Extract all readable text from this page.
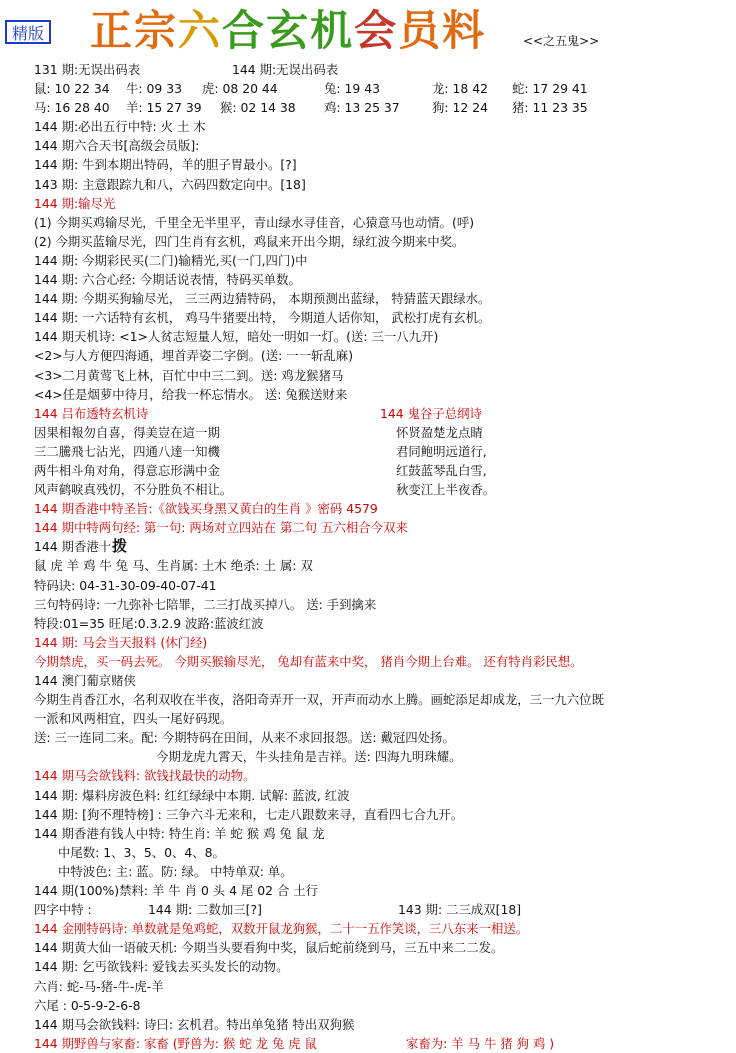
精版 正宗六合玄机会员料	<<之五鬼>>
131 期:无误出码表	144 期:无误出码表
鼠: 10 22 34 牛: 09 33 虎: 08 20 44	兔: 19 43	龙: 18 42 蛇: 17 29 41
马: 16 28 40 羊: 15 27 39 猴: 02 14 38 鸡: 13 25 37	狗: 12 24 猪: 11 23 35
144 期:必出五行中特: 火 土 木
144 期六合天书[高级会员版]:
144 期: 牛到本期出特码，羊的胆子胃最小。[?]
143 期: 主意跟踪九和八，六码四数定向中。[18]
144 期:输尽光
(1) 今期买鸡输尽光，千里全无半里平，青山绿水寻佳音，心猿意马也动情。(呼)
(2) 今期买蓝输尽光，四门生肖有玄机，鸡鼠来开出今期，绿红波今期来中奖。
144 期: 今期彩民买(二门)输精光,买(一门,四门)中
144 期: 六合心经: 今期话说表情，特码买单数。
144 期: 今期买狗输尽光， 三三两边猜特码， 本期预测出蓝绿， 特猜蓝天跟绿水。
144 期: 一六话特有玄机， 鸡马牛猪要出特， 今期道人话你知， 武松打虎有玄机。
144 期天机诗: <1>人贫志短量人短，暗处一明如一灯。(送: 三一八九开)
<2>与人方便四海通，埋首弄姿二字倒。(送: 一一斩乱麻)
<3>二月黄莺飞上林，百忙中中三二到。送: 鸡龙猴猪马
<4>任是烟萝中待月，给我一杯忘情水。 送: 兔猴送财来
144 吕布透特玄机诗	144 鬼谷子总纲诗
因果相報勿自喜，得美豈在這一期	怀贤盈楚龙点睛
三二騰飛七沾光，四通八達一知機	君同鲍明远道行,
两牛相斗角对角，得意忘形满中金	红鼓蓝琴乱白雪,
风声鹤唳真残忉，不分胜负不相让。	秋变江上半夜香。
144 期香港中特圣旨:《欲钱买身黑又黄白的生肖 》密码 4579
144 期中特两句经: 第一句: 两场对立四站在 第二句 五六相合今双来
144 期香港十 拨
鼠 虎 羊 鸡 牛 兔 马、生肖属: 土木 绝杀: 土 属: 双
特码诀: 04-31-30-09-40-07-41
三句特码诗: 一九弥补七陪罪，二三打战买掉八。 送: 手到擒来
特段:01=35 旺尾:0.3.2.9 波路:蓝波红波
144 期: 马会当天报料 (休门经)
今期禁虎，买一码去死。 今期买猴输尽光， 兔却有蓝来中奖， 猪肖今期上台难。 还有特肖彩民想。
144 澳门葡京赌侠
今期生肖香江水，名利双收在半夜，洛阳奇弄开一双，开声而动水上腾。画蛇添足却成龙，三一九六位既
一派和风两相宜，四头一尾好码现。
送: 三一连同二来。配: 今期特码在田间，从来不求回报怨。送: 戴冠四处扬。
今期龙虎九霄天，牛头挂角是吉祥。送: 四海九明珠耀。
144 期马会欲钱料: 欲钱找最快的动物。
144 期: 爆料房波色料: 红红绿绿中本期. 试解: 蓝波, 红波
144 期: [狗不理特榜] : 三争六斗无来和，七走八跟数来寻，直看四七合九开。
144 期香港有钱人中特: 特生肖: 羊 蛇 猴 鸡 兔 鼠 龙
中尾数: 1、3、5、0、4、8。
中特波色: 主: 蓝。防: 绿。 中特单双: 单。
144 期(100%)禁料: 羊 牛 肖 0 头 4 尾 02 合 土行
四字中特 :	144 期: 二数加三[?]	143 期: 二三成双[18]
144 金刚特码诗: 单数就是兔鸡蛇，双数开鼠龙狗猴，二十一五作笑谈，三八东来一相送。
144 期黄大仙一语破天机: 今期当头要看狗中奖，鼠后蛇前绕到马，三五中来二二发。
144 期: 乞丐欲钱料: 爱钱去买头发长的动物。
六肖: 蛇-马-猪-牛-虎-羊
六尾 : 0-5-9-2-6-8
144 期马会欲钱料: 诗曰: 玄机君。特出单兔猪 特出双狗猴
144 期野兽与家畜: 家畜 (野兽为: 猴 蛇 龙 兔 虎 鼠	家畜为: 羊 马 牛 猪 狗 鸡 )
